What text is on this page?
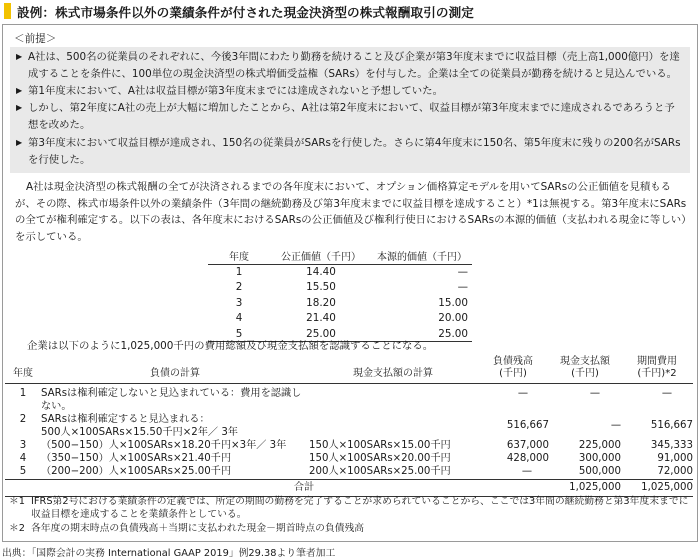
設例：株式市場条件以外の業績条件が付された現金決済型の株式報酬取引の測定
＜前提＞
▶ A社は、500名の従業員のそれぞれに、今後3年間にわたり勤務を続けること及び企業が第3年度末までに収益目標（売上高1,000億円）を達成することを条件に、100単位の現金決済型の株式増価受益権（SARs）を付与した。企業は全ての従業員が勤務を続けると見込んでいる。
▶ 第1年度末において、A社は収益目標が第3年度末までには達成されないと予想していた。
▶ しかし、第2年度にA社の売上が大幅に増加したことから、A社は第2年度末において、収益目標が第3年度末までに達成されるであろうと予想を改めた。
▶ 第3年度末において収益目標が達成され、150名の従業員がSARsを行使した。さらに第4年度末に150名、第5年度末に残りの200名がSARsを行使した。
A社は現金決済型の株式報酬の全てが決済されるまでの各年度末において、オプション価格算定モデルを用いてSARsの公正価値を見積もるが、その際、株式市場条件以外の業績条件（3年間の継続勤務及び第3年度末までに収益目標を達成すること）*1は無視する。第3年度末にSARsの全てが権利確定する。以下の表は、各年度末におけるSARsの公正価値及び権利行使日におけるSARsの本源的価値（支払われる現金に等しい）を示している。
年度	公正価値（千円）	本源的価値（千円）
1	14.40	—
2	15.50	—
3	18.20	15.00
4	21.40	20.00
5	25.00	25.00
企業は以下のように1,025,000千円の費用総額及び現金支払額を認識することになる。
年度	負債の計算	現金支払額の計算	負債残高
(千円)	現金支払額
(千円)	期間費用
(千円)*2
1	SARsは権利確定しないと見込まれている：費用を認識しない。		—	—	—
2	SARsは権利確定すると見込まれる：
500人×100SARs×15.50千円×2年／ 3年		516,667	—	516,667
3	（500−150）人×100SARs×18.20千円×3年／ 3年	150人×100SARs×15.00千円	637,000	225,000	345,333
4	（350−150）人×100SARs×21.40千円	150人×100SARs×20.00千円	428,000	300,000	91,000
5	（200−200）人×100SARs×25.00千円	200人×100SARs×25.00千円	—	500,000	72,000
	合計			1,025,000	1,025,000
＊1 IFRS第2号における業績条件の定義では、所定の期間の勤務を完了することが求められていることから、ここでは3年間の継続勤務と第3年度末までに収益目標を達成することを業績条件としている。
＊2 各年度の期末時点の負債残高＋当期に支払われた現金－期首時点の負債残高
出典：「国際会計の実務 International GAAP 2019」例29.38より筆者加工
